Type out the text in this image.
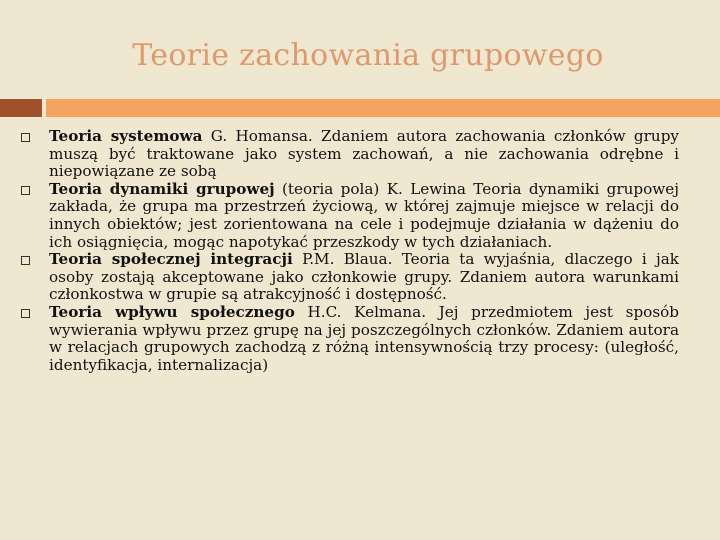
Teorie zachowania grupowego
Teoria systemowa G. Homansa. Zdaniem autora zachowania członków grupy muszą być traktowane jako system zachowań, a nie zachowania odrębne i niepowiązane ze sobą
Teoria dynamiki grupowej (teoria pola) K. Lewina Teoria dynamiki grupowej zakłada, że grupa ma przestrzeń życiową, w której zajmuje miejsce w relacji do innych obiektów; jest zorientowana na cele i podejmuje działania w dążeniu do ich osiągnięcia, mogąc napotykać przeszkody w tych działaniach.
Teoria społecznej integracji P.M. Blaua. Teoria ta wyjaśnia, dlaczego i jak osoby zostają akceptowane jako członkowie grupy. Zdaniem autora warunkami członkostwa w grupie są atrakcyjność i dostępność.
Teoria wpływu społecznego H.C. Kelmana. Jej przedmiotem jest sposób wywierania wpływu przez grupę na jej poszczególnych członków. Zdaniem autora w relacjach grupowych zachodzą z różną intensywnością trzy procesy: (uległość, identyfikacja, internalizacja)
